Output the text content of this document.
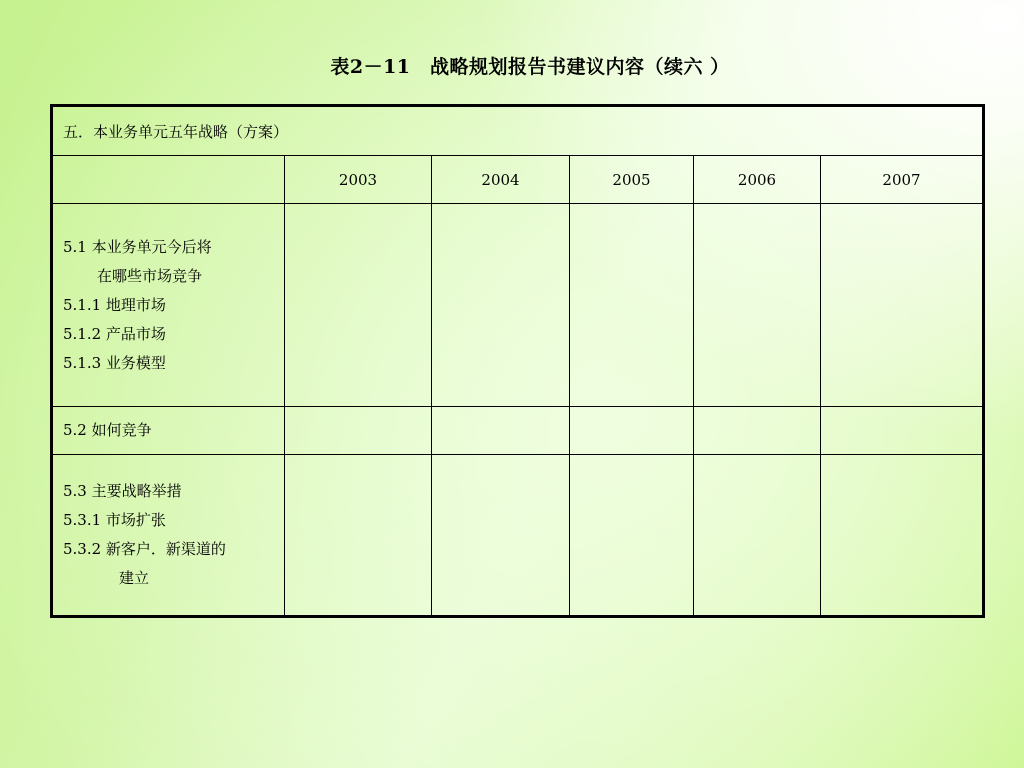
表2－11　战略规划报告书建议内容（续六 ）
五．本业务单元五年战略（方案）					
	2003	2004	2005	2006	2007

5.1 本业务单元今后将
在哪些市场竞争
5.1.1 地理市场
5.1.2 产品市场
5.1.3 业务模型					

5.2 如何竞争					

5.3 主要战略举措
5.3.1 市场扩张
5.3.2 新客户．新渠道的
建立					
